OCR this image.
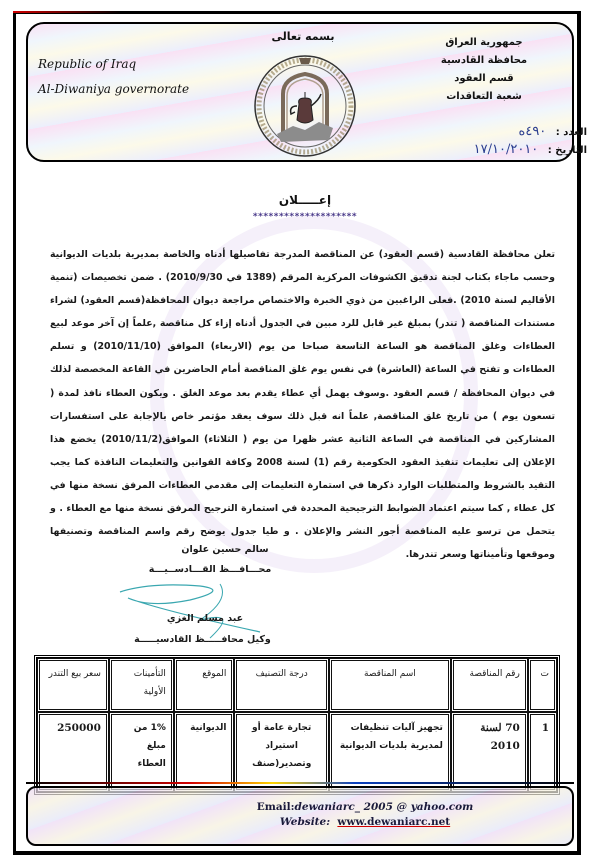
Republic of Iraq
Al-Diwaniya governorate
جمهورية العراق
محافظة القادسية
قسم العقود
شعبة التعاقدات
العدد : ٤٩٠ه
التاريخ : ١٧/١٠/٢٠١٠
بسمه تعالى
إعـــــلان
********************

تعلن محافظة القادسية (قسم العقود) عن المناقصة المدرجة تفاصيلها أدناه والخاصة بمديرية بلديات الديوانية وحسب ماجاء بكتاب لجنة تدقيق الكشوفات المركزية المرقم (1389 في 2010/9/30) . ضمن تخصيصات (تنمية الأقاليم لسنة 2010) .فعلى الراغبين من ذوي الخبرة والاختصاص مراجعة ديوان المحافظة(قسم العقود) لشراء مستندات المناقصة ( تندر) بمبلغ غير قابل للرد مبين في الجدول أدناه إزاء كل مناقصة ,علماً إن آخر موعد لبيع العطاءات وغلق المناقصة هو الساعة التاسعة صباحا من يوم (الاربعاء) الموافق (2010/11/10) و تسلم العطاءات و تفتح في الساعة (العاشرة) في نفس يوم غلق المناقصة أمام الحاضرين في القاعة المخصصة لذلك في ديوان المحافظة / قسم العقود .وسوف يهمل أي عطاء يقدم بعد موعد الغلق . ويكون العطاء نافذ لمدة ( تسعون يوم ) من تاريخ غلق المناقصة, علماً انه قبل ذلك سوف يعقد مؤتمر خاص بالإجابة على استفسارات المشاركين في المناقصة في الساعة الثانية عشر ظهرا من يوم ( الثلاثاء) الموافق(2010/11/2) يخضع هذا الإعلان إلى تعليمات تنفيذ العقود الحكومية رقم (1) لسنة 2008 وكافة القوانين والتعليمات النافذة كما يجب التقيد بالشروط والمتطلبات الوارد ذكرها في استمارة التعليمات إلى مقدمي العطاءات المرفق نسخة منها في كل عطاء , كما سيتم اعتماد الضوابط الترجيحية المحددة في استمارة الترجيح المرفق نسخة منها مع العطاء . و يتحمل من ترسو عليه المناقصة أجور النشر والإعلان . و طيا جدول يوضح رقم واسم المناقصة وتصنيفها وموقعها وتأميناتها وسعر تندرها.

سالم حسين علوان
محـــافـــظ القـــادســيـــة
عبد مسلم الغزي
وكيل محافـــــظ القادسيـــــة
ت	رقم المناقصة	اسم المناقصة	درجة التصنيف	الموقع	التأمينات الأولية	سعر بيع التندر
1	70 لسنة 2010	تجهيز آليات تنظيفات لمديرية بلديات الديوانية	تجارة عامة أو استيراد وتصدير(صنف	الديوانية	1% من مبلغ العطاء	250000
Email:dewaniarc_ 2005 @ yahoo.com
Website: www.dewaniarc.net
